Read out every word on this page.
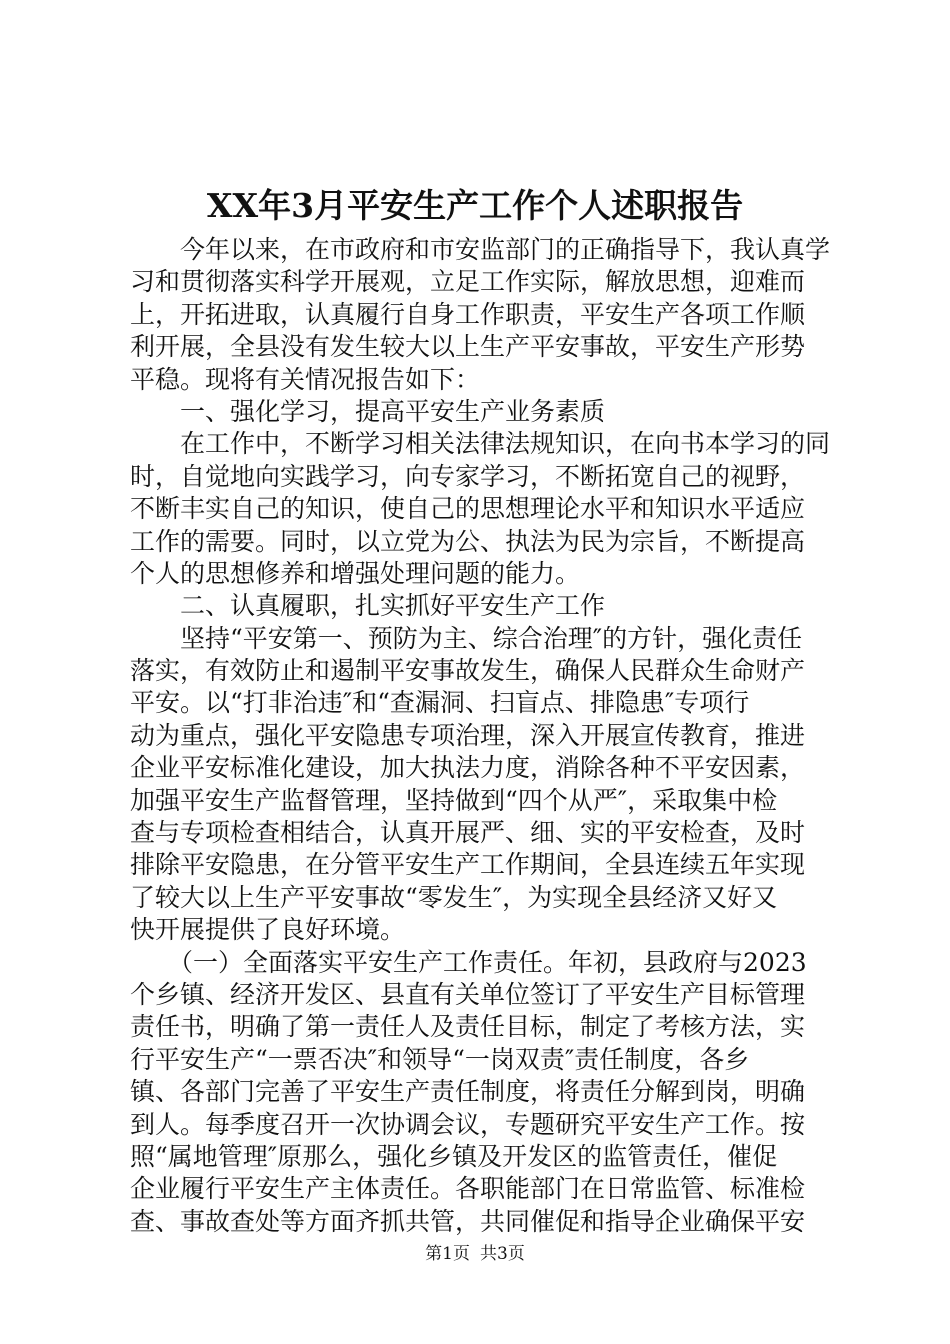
XX年3月平安生产工作个人述职报告
今年以来，在市政府和市安监部门的正确指导下，我认真学
习和贯彻落实科学开展观，立足工作实际，解放思想，迎难而
上，开拓进取，认真履行自身工作职责，平安生产各项工作顺
利开展，全县没有发生较大以上生产平安事故，平安生产形势
平稳。现将有关情况报告如下：
一、强化学习，提高平安生产业务素质
在工作中，不断学习相关法律法规知识，在向书本学习的同
时，自觉地向实践学习，向专家学习，不断拓宽自己的视野，
不断丰实自己的知识，使自己的思想理论水平和知识水平适应
工作的需要。同时，以立党为公、执法为民为宗旨，不断提高
个人的思想修养和增强处理问题的能力。
二、认真履职，扎实抓好平安生产工作
坚持“平安第一、预防为主、综合治理″的方针，强化责任
落实，有效防止和遏制平安事故发生，确保人民群众生命财产
平安。以“打非治违″和“查漏洞、扫盲点、排隐患″专项行
动为重点，强化平安隐患专项治理，深入开展宣传教育，推进
企业平安标准化建设，加大执法力度，消除各种不平安因素，
加强平安生产监督管理，坚持做到“四个从严″，采取集中检
查与专项检查相结合，认真开展严、细、实的平安检查，及时
排除平安隐患，在分管平安生产工作期间，全县连续五年实现
了较大以上生产平安事故“零发生″，为实现全县经济又好又
快开展提供了良好环境。
（一）全面落实平安生产工作责任。年初，县政府与2023
个乡镇、经济开发区、县直有关单位签订了平安生产目标管理
责任书，明确了第一责任人及责任目标，制定了考核方法，实
行平安生产“一票否决″和领导“一岗双责″责任制度，各乡
镇、各部门完善了平安生产责任制度，将责任分解到岗，明确
到人。每季度召开一次协调会议，专题研究平安生产工作。按
照“属地管理″原那么，强化乡镇及开发区的监管责任，催促
企业履行平安生产主体责任。各职能部门在日常监管、标准检
查、事故查处等方面齐抓共管，共同催促和指导企业确保平安
第1页 共3页
